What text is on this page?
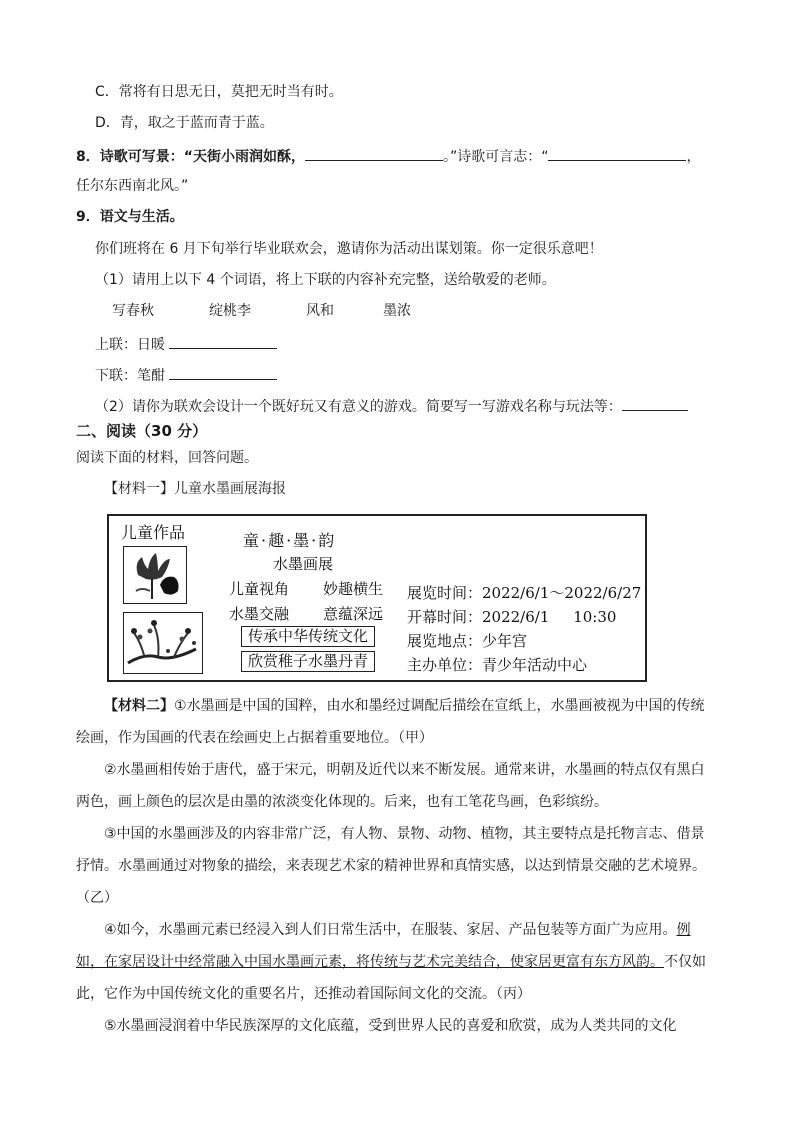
C．常将有日思无日，莫把无时当有时。
D．青，取之于蓝而青于蓝。
8．诗歌可写景：“天街小雨润如酥，	。”诗歌可言志：“	，
任尔东西南北风。”
9．语文与生活。
你们班将在 6 月下旬举行毕业联欢会，邀请你为活动出谋划策。你一定很乐意吧！
（1）请用上以下 4 个词语，将上下联的内容补充完整，送给敬爱的老师。
写春秋	绽桃李	风和	墨浓
上联：日暖
下联：笔酣
（2）请你为联欢会设计一个既好玩又有意义的游戏。简要写一写游戏名称与玩法等：
二、阅读（30 分）
阅读下面的材料，回答问题。
【材料一】儿童水墨画展海报
儿童作品	童·趣·墨·韵
水墨画展
儿童视角 妙趣横生
水墨交融 意蕴深远
传承中华传统文化
欣赏稚子水墨丹青
展览时间：2022/6/1～2022/6/27
开幕时间：2022/6/1     10:30
展览地点：少年宫
主办单位：青少年活动中心

【材料二】①水墨画是中国的国粹，由水和墨经过调配后描绘在宣纸上，水墨画被视为中国的传统绘画，作为国画的代表在绘画史上占据着重要地位。（甲）

②水墨画相传始于唐代，盛于宋元，明朝及近代以来不断发展。通常来讲，水墨画的特点仅有黑白两色，画上颜色的层次是由墨的浓淡变化体现的。后来，也有工笔花鸟画，色彩缤纷。

③中国的水墨画涉及的内容非常广泛，有人物、景物、动物、植物，其主要特点是托物言志、借景抒情。水墨画通过对物象的描绘，来表现艺术家的精神世界和真情实感，以达到情景交融的艺术境界。（乙）

④如今，水墨画元素已经浸入到人们日常生活中，在服装、家居、产品包装等方面广为应用。例如，在家居设计中经常融入中国水墨画元素，将传统与艺术完美结合，使家居更富有东方风韵。不仅如此，它作为中国传统文化的重要名片，还推动着国际间文化的交流。（丙）

⑤水墨画浸润着中华民族深厚的文化底蕴，受到世界人民的喜爱和欣赏，成为人类共同的文化
